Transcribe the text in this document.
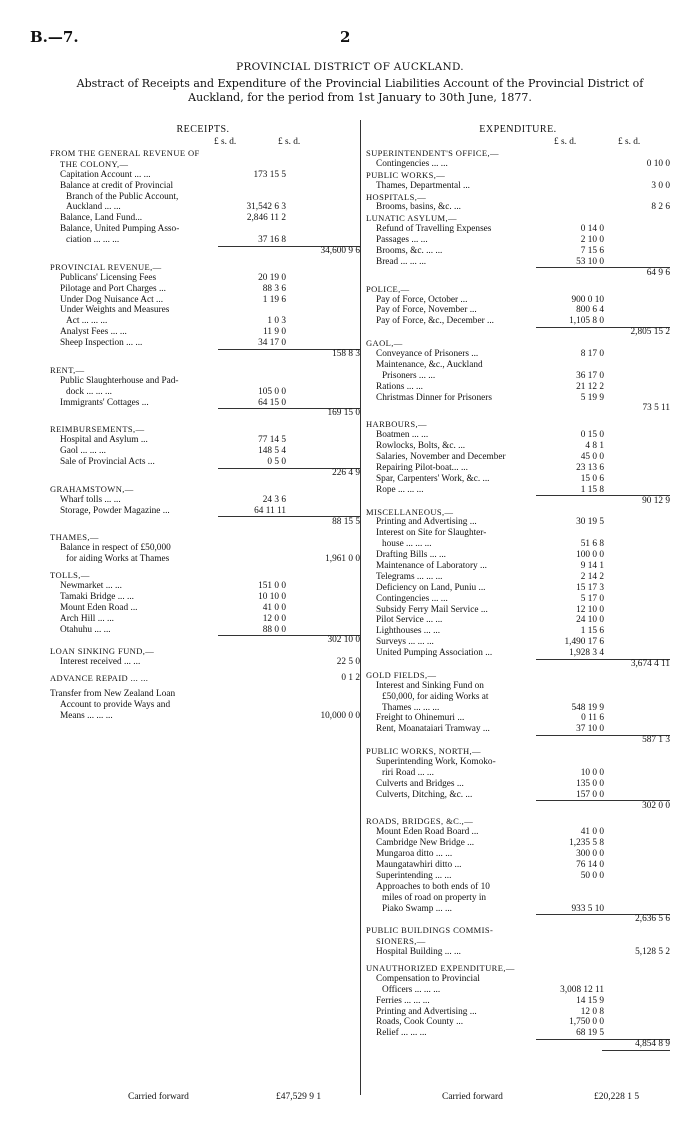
B.—7.	2
PROVINCIAL DISTRICT OF AUCKLAND.
Abstract of Receipts and Expenditure of the Provincial Liabilities Account of the Provincial District of Auckland, for the period from 1st January to 30th June, 1877.
RECEIPTS.
£ s. d.	£ s. d.
FROM THE GENERAL REVENUE OF
THE COLONY,—
Capitation Account ... ...	173 15 5
Balance at credit of Provincial
Branch of the Public Account,
Auckland ... ...	31,542 6 3
Balance, Land Fund...	2,846 11 2
Balance, United Pumping Asso-
ciation ... ... ...	37 16 8
34,600 9 6
PROVINCIAL REVENUE,—
Publicans' Licensing Fees	20 19 0
Pilotage and Port Charges ...	88 3 6
Under Dog Nuisance Act ...	1 19 6
Under Weights and Measures
Act ... ... ...	1 0 3
Analyst Fees ... ...	11 9 0
Sheep Inspection ... ...	34 17 0
158 8 3
RENT,—
Public Slaughterhouse and Pad-
dock ... ... ...	105 0 0
Immigrants' Cottages ...	64 15 0
169 15 0
REIMBURSEMENTS,—
Hospital and Asylum ...	77 14 5
Gaol ... ... ...	148 5 4
Sale of Provincial Acts ...	0 5 0
226 4 9
GRAHAMSTOWN,—
Wharf tolls ... ...	24 3 6
Storage, Powder Magazine ...	64 11 11
88 15 5
THAMES,—
Balance in respect of £50,000
for aiding Works at Thames	1,961 0 0
TOLLS,—
Newmarket ... ...	151 0 0
Tamaki Bridge ... ...	10 10 0
Mount Eden Road ...	41 0 0
Arch Hill ... ...	12 0 0
Otahuhu ... ...	88 0 0
302 10 0
LOAN SINKING FUND,—
Interest received ... ...	22 5 0
ADVANCE REPAID ... ...	0 1 2
Transfer from New Zealand Loan
Account to provide Ways and
Means ... ... ...	10,000 0 0
EXPENDITURE.
£ s. d.	£ s. d.
SUPERINTENDENT'S OFFICE,—
Contingencies ... ...	0 10 0
PUBLIC WORKS,—
Thames, Departmental ...	3 0 0
HOSPITALS,—
Brooms, basins, &c. ...	8 2 6
LUNATIC ASYLUM,—
Refund of Travelling Expenses	0 14 0
Passages ... ...	2 10 0
Brooms, &c. ... ...	7 15 6
Bread ... ... ...	53 10 0
64 9 6
POLICE,—
Pay of Force, October ...	900 0 10
Pay of Force, November ...	800 6 4
Pay of Force, &c., December ...	1,105 8 0
2,805 15 2
GAOL,—
Conveyance of Prisoners ...	8 17 0
Maintenance, &c., Auckland
Prisoners ... ...	36 17 0
Rations ... ...	21 12 2
Christmas Dinner for Prisoners	5 19 9
73 5 11
HARBOURS,—
Boatmen ... ...	0 15 0
Rowlocks, Bolts, &c. ...	4 8 1
Salaries, November and December	45 0 0
Repairing Pilot-boat... ...	23 13 6
Spar, Carpenters' Work, &c. ...	15 0 6
Rope ... ... ...	1 15 8
90 12 9
MISCELLANEOUS,—
Printing and Advertising ...	30 19 5
Interest on Site for Slaughter-
house ... ... ...	51 6 8
Drafting Bills ... ...	100 0 0
Maintenance of Laboratory ...	9 14 1
Telegrams ... ... ...	2 14 2
Deficiency on Land, Puniu ...	15 17 3
Contingencies ... ...	5 17 0
Subsidy Ferry Mail Service ...	12 10 0
Pilot Service ... ...	24 10 0
Lighthouses ... ...	1 15 6
Surveys ... ... ...	1,490 17 6
United Pumping Association ...	1,928 3 4
3,674 4 11
GOLD FIELDS,—
Interest and Sinking Fund on
£50,000, for aiding Works at
Thames ... ... ...	548 19 9
Freight to Ohinemuri ...	0 11 6
Rent, Moanataiari Tramway ...	37 10 0
587 1 3
PUBLIC WORKS, NORTH,—
Superintending Work, Komoko-
riri Road ... ...	10 0 0
Culverts and Bridges ...	135 0 0
Culverts, Ditching, &c. ...	157 0 0
302 0 0
ROADS, BRIDGES, &C.,—
Mount Eden Road Board ...	41 0 0
Cambridge New Bridge ...	1,235 5 8
Mungaroa ditto ... ...	300 0 0
Maungatawhiri ditto ...	76 14 0
Superintending ... ...	50 0 0
Approaches to both ends of 10
miles of road on property in
Piako Swamp ... ...	933 5 10
2,636 5 6
PUBLIC BUILDINGS COMMIS-
SIONERS,—
Hospital Building ... ...	5,128 5 2
UNAUTHORIZED EXPENDITURE,—
Compensation to Provincial
Officers ... ... ...	3,008 12 11
Ferries ... ... ...	14 15 9
Printing and Advertising ...	12 0 8
Roads, Cook County ...	1,750 0 0
Relief ... ... ...	68 19 5
4,854 8 9
Carried forward	£47,529 9 1	Carried forward	£20,228 1 5
